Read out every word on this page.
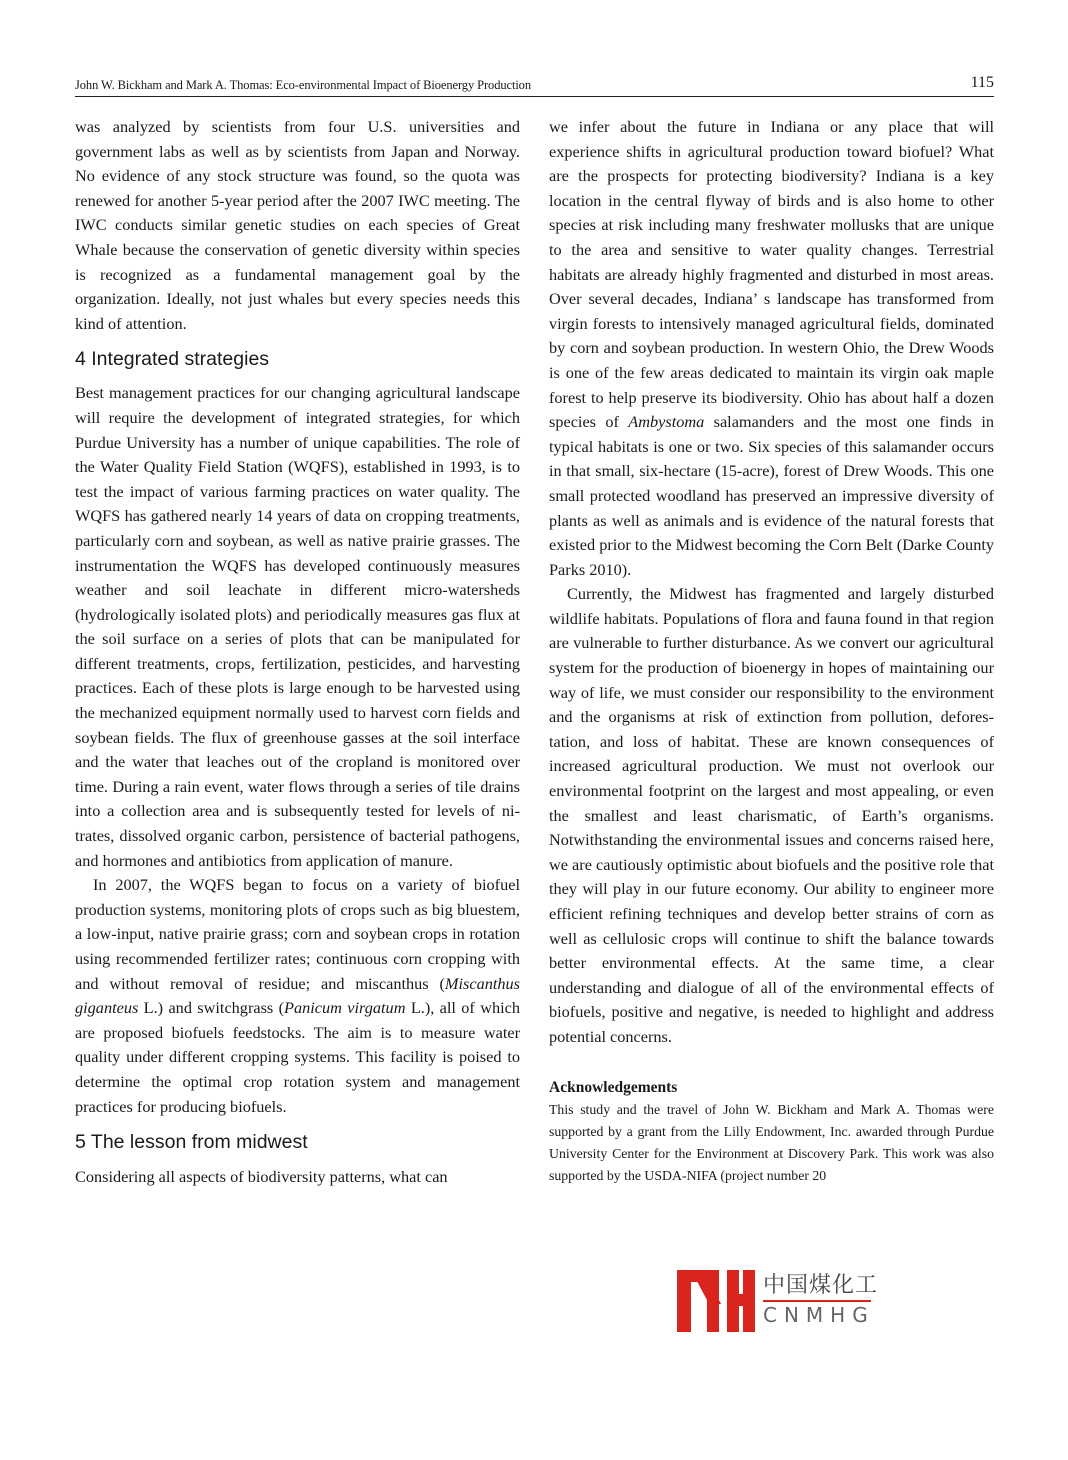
John W. Bickham and Mark A. Thomas: Eco-environmental Impact of Bioenergy Production	115

was analyzed by scientists from four U.S. universities and government labs as well as by scientists from Japan and Norway. No evidence of any stock structure was found, so the quota was renewed for another 5-year period after the 2007 IWC meeting. The IWC conducts similar genetic studies on each species of Great Whale because the conservation of genetic diversity within species is recognized as a fundamental management goal by the organization. Ideally, not just whales but every species needs this kind of attention.

4 Integrated strategies

Best management practices for our changing agricultural landscape will require the development of integrated strategies, for which Purdue University has a number of unique capabilities. The role of the Water Quality Field Station (WQFS), established in 1993, is to test the impact of various farming practices on water quality. The WQFS has gathered nearly 14 years of data on cropping treatments, particularly corn and soybean, as well as native prairie grasses. The instrumentation the WQFS has developed continuously measures weather and soil leachate in different micro-watersheds (hydrologically isolated plots) and periodically measures gas flux at the soil surface on a series of plots that can be manipulated for different treatments, crops, fertilization, pesticides, and harvesting practices. Each of these plots is large enough to be harvested using the mechanized equipment normally used to harvest corn fields and soybean fields. The flux of greenhouse gasses at the soil interface and the water that leaches out of the cropland is monitored over time. During a rain event, water flows through a series of tile drains into a collection area and is subsequently tested for levels of nitrates, dissolved organic carbon, persistence of bacterial pathogens, and hormones and antibiotics from application of manure.

In 2007, the WQFS began to focus on a variety of biofuel production systems, monitoring plots of crops such as big bluestem, a low-input, native prairie grass; corn and soybean crops in rotation using recommended fertilizer rates; continuous corn cropping with and without removal of residue; and miscanthus (Miscanthus giganteus L.) and switchgrass (Panicum virgatum L.), all of which are proposed biofuels feedstocks. The aim is to measure water quality under different cropping systems. This facility is poised to determine the optimal crop rotation system and management practices for producing biofuels.

5 The lesson from midwest

Considering all aspects of biodiversity patterns, what can

we infer about the future in Indiana or any place that will experience shifts in agricultural production toward biofuel? What are the prospects for protecting biodiversity? Indiana is a key location in the central flyway of birds and is also home to other species at risk including many freshwater mollusks that are unique to the area and sensitive to water quality changes. Terrestrial habitats are already highly fragmented and disturbed in most areas. Over several decades, Indiana’ s landscape has transformed from virgin forests to intensively managed agricultural fields, dominated by corn and soybean production. In western Ohio, the Drew Woods is one of the few areas dedicated to maintain its virgin oak maple forest to help preserve its biodiversity. Ohio has about half a dozen species of Ambystoma salamanders and the most one finds in typical habitats is one or two. Six species of this salamander occurs in that small, six-hectare (15-acre), forest of Drew Woods. This one small protected woodland has preserved an impressive diversity of plants as well as animals and is evidence of the natural forests that existed prior to the Midwest becoming the Corn Belt (Darke County Parks 2010).

Currently, the Midwest has fragmented and largely disturbed wildlife habitats. Populations of flora and fauna found in that region are vulnerable to further disturbance. As we convert our agricultural system for the production of bioenergy in hopes of maintaining our way of life, we must consider our responsibility to the environment and the organisms at risk of extinction from pollution, deforestation, and loss of habitat. These are known consequences of increased agricultural production. We must not overlook our environmental footprint on the largest and most appealing, or even the smallest and least charismatic, of Earth’s organisms. Notwithstanding the environmental issues and concerns raised here, we are cautiously optimistic about biofuels and the positive role that they will play in our future economy. Our ability to engineer more efficient refining techniques and develop better strains of corn as well as cellulosic crops will continue to shift the balance towards better environmental effects. At the same time, a clear understanding and dialogue of all of the environmental effects of biofuels, positive and negative, is needed to highlight and address potential concerns.

Acknowledgements

This study and the travel of John W. Bickham and Mark A. Thomas were supported by a grant from the Lilly Endowment, Inc. awarded through Purdue University Center for the Environment at Discovery Park. This work was also supported by the USDA-NIFA (project number 20

中国煤化工
CNMHG
